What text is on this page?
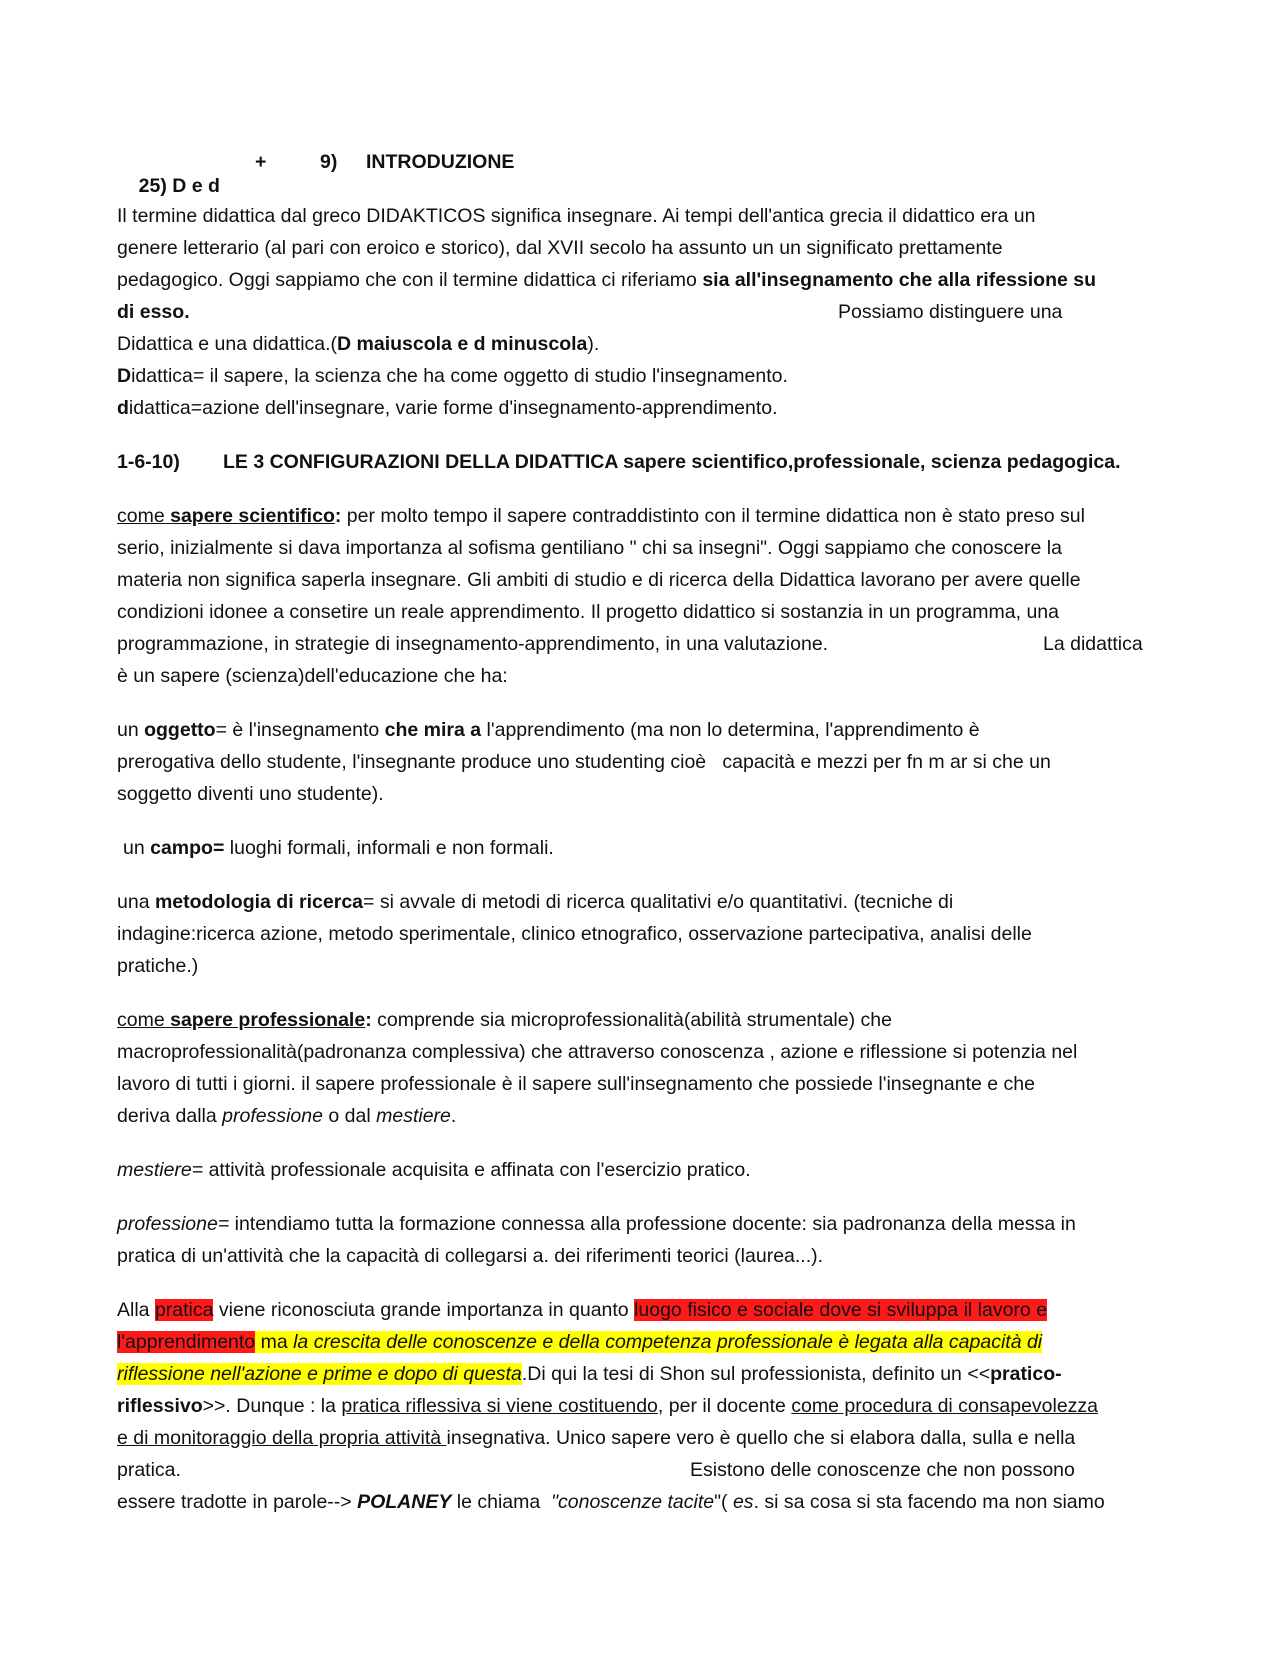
25) D e d

+	9) INTRODUZIONE
Il termine didattica dal greco DIDAKTICOS significa insegnare. Ai tempi dell'antica grecia il didattico era un
genere letterario (al pari con eroico e storico), dal XVII secolo ha assunto un un significato prettamente
pedagogico. Oggi sappiamo che con il termine didattica ci riferiamo sia all'insegnamento che alla rifessione su
di esso.	Possiamo distinguere una
Didattica e una didattica.(D maiuscola e d minuscola).
Didattica= il sapere, la scienza che ha come oggetto di studio l'insegnamento.
didattica=azione dell'insegnare, varie forme d'insegnamento-apprendimento.
1-6-10) LE 3 CONFIGURAZIONI DELLA DIDATTICA sapere scientifico,professionale, scienza pedagogica.
come sapere scientifico: per molto tempo il sapere contraddistinto con il termine didattica non è stato preso sul
serio, inizialmente si dava importanza al sofisma gentiliano " chi sa insegni". Oggi sappiamo che conoscere la
materia non significa saperla insegnare. Gli ambiti di studio e di ricerca della Didattica lavorano per avere quelle
condizioni idonee a consetire un reale apprendimento. Il progetto didattico si sostanzia in un programma, una
programmazione, in strategie di insegnamento-apprendimento, in una valutazione.	La didattica
è un sapere (scienza)dell'educazione che ha:
un oggetto= è l'insegnamento che mira a l'apprendimento (ma non lo determina, l'apprendimento è
prerogativa dello studente, l'insegnante produce uno studenting cioè   capacità e mezzi per fn m ar si che un
soggetto diventi uno studente).
un campo= luoghi formali, informali e non formali.
una metodologia di ricerca= si avvale di metodi di ricerca qualitativi e/o quantitativi. (tecniche di
indagine:ricerca azione, metodo sperimentale, clinico etnografico, osservazione partecipativa, analisi delle
pratiche.)
come sapere professionale: comprende sia microprofessionalità(abilità strumentale) che
macroprofessionalità(padronanza complessiva) che attraverso conoscenza , azione e riflessione si potenzia nel
lavoro di tutti i giorni. il sapere professionale è il sapere sull'insegnamento che possiede l'insegnante e che
deriva dalla professione o dal mestiere.
mestiere= attività professionale acquisita e affinata con l'esercizio pratico.
professione= intendiamo tutta la formazione connessa alla professione docente: sia padronanza della messa in
pratica di un'attività che la capacità di collegarsi a. dei riferimenti teorici (laurea...).
Alla pratica viene riconosciuta grande importanza in quanto luogo fisico e sociale dove si sviluppa il lavoro e
l'apprendimento ma la crescita delle conoscenze e della competenza professionale è legata alla capacità di
riflessione nell'azione e prime e dopo di questa.Di qui la tesi di Shon sul professionista, definito un <<pratico-
riflessivo>>. Dunque : la pratica riflessiva si viene costituendo, per il docente come procedura di consapevolezza
e di monitoraggio della propria attività insegnativa. Unico sapere vero è quello che si elabora dalla, sulla e nella
pratica.	Esistono delle conoscenze che non possono
essere tradotte in parole--> POLANEY le chiama  "conoscenze tacite"( es. si sa cosa si sta facendo ma non siamo
